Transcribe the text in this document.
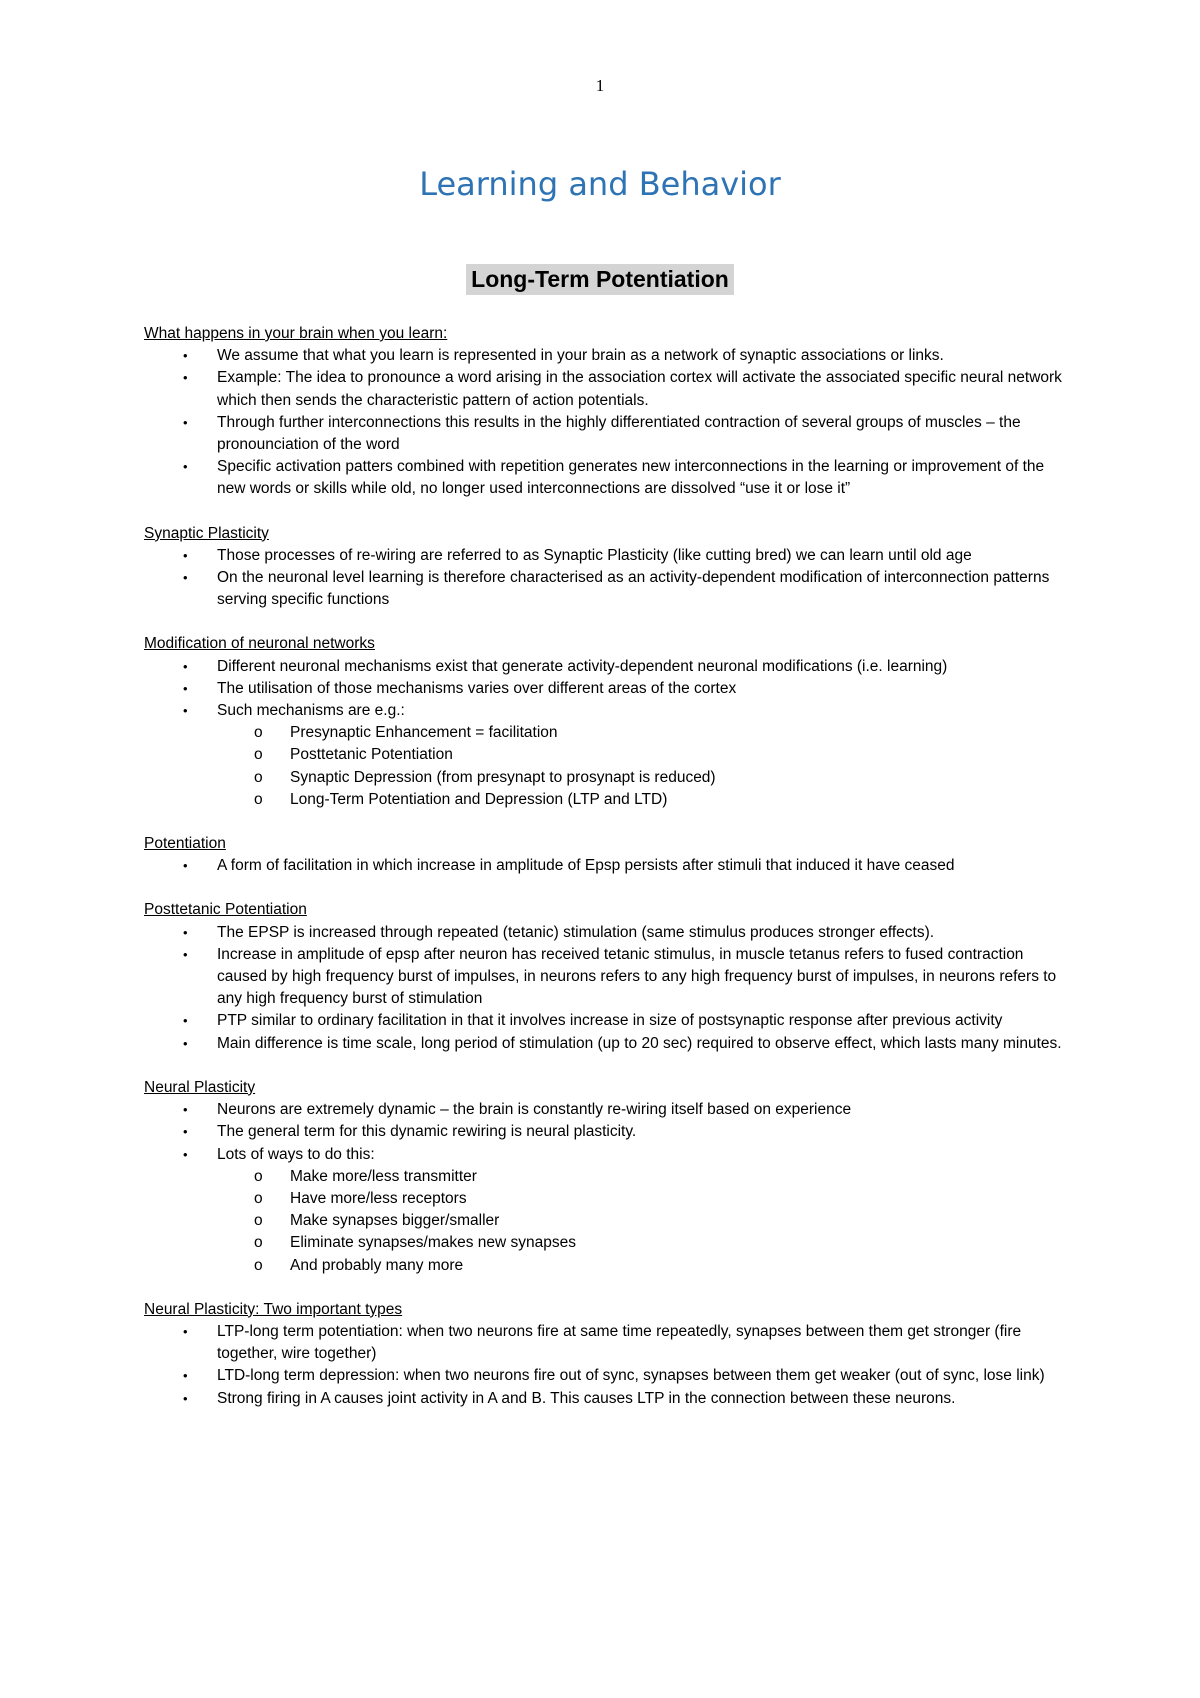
1
Learning and Behavior
Long-Term Potentiation

What happens in your brain when you learn:

• We assume that what you learn is represented in your brain as a network of synaptic associations or links.
• Example: The idea to pronounce a word arising in the association cortex will activate the associated specific neural network which then sends the characteristic pattern of action potentials.
• Through further interconnections this results in the highly differentiated contraction of several groups of muscles – the pronounciation of the word
• Specific activation patters combined with repetition generates new interconnections in the learning or improvement of the new words or skills while old, no longer used interconnections are dissolved “use it or lose it”

Synaptic Plasticity

• Those processes of re-wiring are referred to as Synaptic Plasticity (like cutting bred) we can learn until old age
• On the neuronal level learning is therefore characterised as an activity-dependent modification of interconnection patterns serving specific functions

Modification of neuronal networks

• Different neuronal mechanisms exist that generate activity-dependent neuronal modifications (i.e. learning)
• The utilisation of those mechanisms varies over different areas of the cortex
• Such mechanisms are e.g.:
o Presynaptic Enhancement = facilitation
o Posttetanic Potentiation
o Synaptic Depression (from presynapt to prosynapt is reduced)
o Long-Term Potentiation and Depression (LTP and LTD)

Potentiation

• A form of facilitation in which increase in amplitude of Epsp persists after stimuli that induced it have ceased

Posttetanic Potentiation

• The EPSP is increased through repeated (tetanic) stimulation (same stimulus produces stronger effects).
• Increase in amplitude of epsp after neuron has received tetanic stimulus, in muscle tetanus refers to fused contraction caused by high frequency burst of impulses, in neurons refers to any high frequency burst of impulses, in neurons refers to any high frequency burst of stimulation
• PTP similar to ordinary facilitation in that it involves increase in size of postsynaptic response after previous activity
• Main difference is time scale, long period of stimulation (up to 20 sec) required to observe effect, which lasts many minutes.

Neural Plasticity

• Neurons are extremely dynamic – the brain is constantly re-wiring itself based on experience
• The general term for this dynamic rewiring is neural plasticity.
• Lots of ways to do this:
o Make more/less transmitter
o Have more/less receptors
o Make synapses bigger/smaller
o Eliminate synapses/makes new synapses
o And probably many more

Neural Plasticity: Two important types

• LTP-long term potentiation: when two neurons fire at same time repeatedly, synapses between them get stronger (fire together, wire together)
• LTD-long term depression: when two neurons fire out of sync, synapses between them get weaker (out of sync, lose link)
• Strong firing in A causes joint activity in A and B. This causes LTP in the connection between these neurons.
